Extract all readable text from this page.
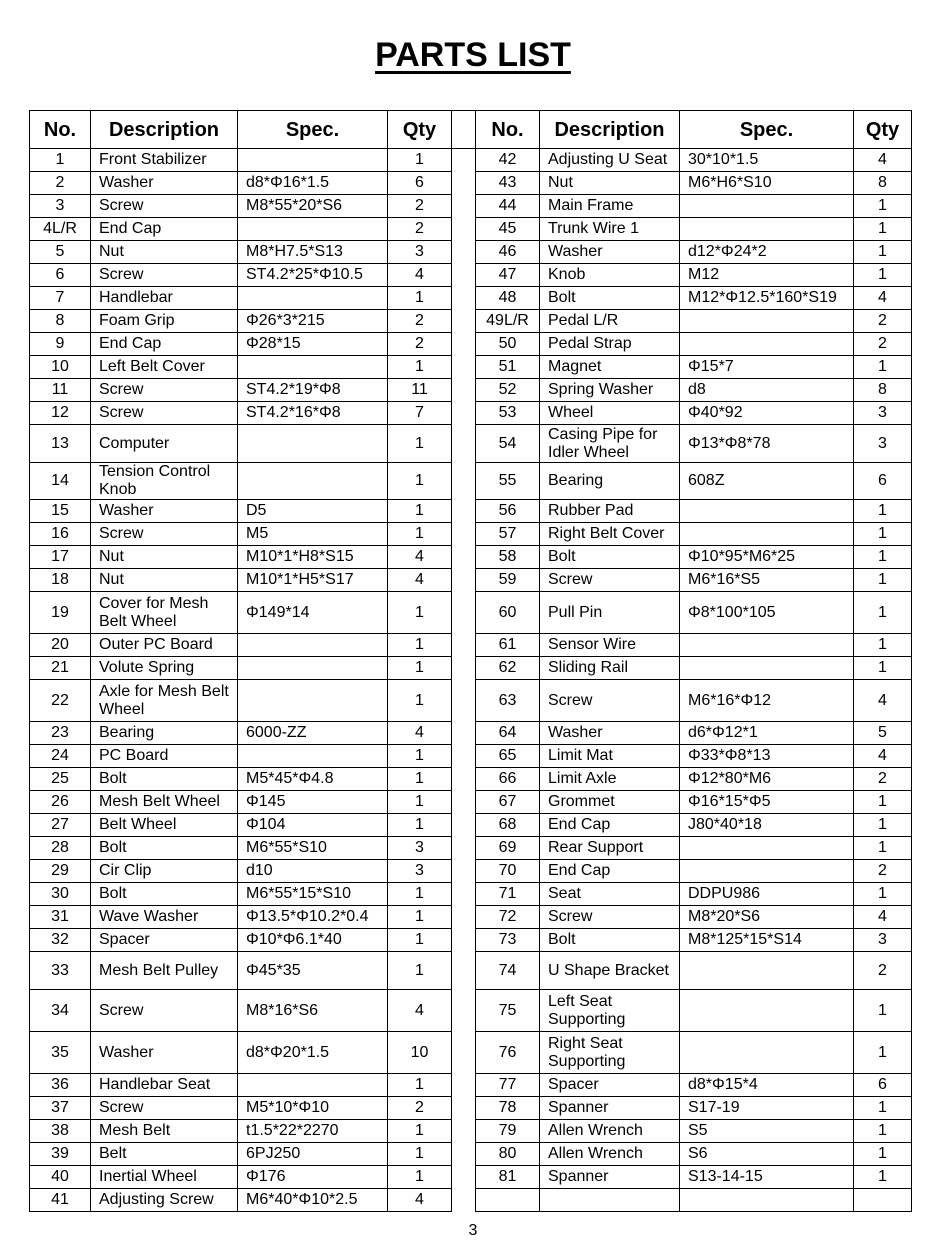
PARTS LIST
No.	Description	Spec.	Qty		No.	Description	Spec.	Qty
1	Front Stabilizer		1		42	Adjusting U Seat	30*10*1.5	4
2	Washer	d8*Φ16*1.5	6		43	Nut	M6*H6*S10	8
3	Screw	M8*55*20*S6	2		44	Main Frame		1
4L/R	End Cap		2		45	Trunk Wire 1		1
5	Nut	M8*H7.5*S13	3		46	Washer	d12*Φ24*2	1
6	Screw	ST4.2*25*Φ10.5	4		47	Knob	M12	1
7	Handlebar		1		48	Bolt	M12*Φ12.5*160*S19	4
8	Foam Grip	Φ26*3*215	2		49L/R	Pedal L/R		2
9	End Cap	Φ28*15	2		50	Pedal Strap		2
10	Left Belt Cover		1		51	Magnet	Φ15*7	1
11	Screw	ST4.2*19*Φ8	11		52	Spring Washer	d8	8
12	Screw	ST4.2*16*Φ8	7		53	Wheel	Φ40*92	3
13	Computer		1		54	Casing Pipe for Idler Wheel	Φ13*Φ8*78	3
14	Tension Control Knob		1		55	Bearing	608Z	6
15	Washer	D5	1		56	Rubber Pad		1
16	Screw	M5	1		57	Right Belt Cover		1
17	Nut	M10*1*H8*S15	4		58	Bolt	Φ10*95*M6*25	1
18	Nut	M10*1*H5*S17	4		59	Screw	M6*16*S5	1
19	Cover for Mesh Belt Wheel	Φ149*14	1		60	Pull Pin	Φ8*100*105	1
20	Outer PC Board		1		61	Sensor Wire		1
21	Volute Spring		1		62	Sliding Rail		1
22	Axle for Mesh Belt Wheel		1		63	Screw	M6*16*Φ12	4
23	Bearing	6000-ZZ	4		64	Washer	d6*Φ12*1	5
24	PC Board		1		65	Limit Mat	Φ33*Φ8*13	4
25	Bolt	M5*45*Φ4.8	1		66	Limit Axle	Φ12*80*M6	2
26	Mesh Belt Wheel	Φ145	1		67	Grommet	Φ16*15*Φ5	1
27	Belt Wheel	Φ104	1		68	End Cap	J80*40*18	1
28	Bolt	M6*55*S10	3		69	Rear Support		1
29	Cir Clip	d10	3		70	End Cap		2
30	Bolt	M6*55*15*S10	1		71	Seat	DDPU986	1
31	Wave Washer	Φ13.5*Φ10.2*0.4	1		72	Screw	M8*20*S6	4
32	Spacer	Φ10*Φ6.1*40	1		73	Bolt	M8*125*15*S14	3
33	Mesh Belt Pulley	Φ45*35	1		74	U Shape Bracket		2
34	Screw	M8*16*S6	4		75	Left Seat Supporting		1
35	Washer	d8*Φ20*1.5	10		76	Right Seat Supporting		1
36	Handlebar Seat		1		77	Spacer	d8*Φ15*4	6
37	Screw	M5*10*Φ10	2		78	Spanner	S17-19	1
38	Mesh Belt	t1.5*22*2270	1		79	Allen Wrench	S5	1
39	Belt	6PJ250	1		80	Allen Wrench	S6	1
40	Inertial Wheel	Φ176	1		81	Spanner	S13-14-15	1
41	Adjusting Screw	M6*40*Φ10*2.5	4					
3
